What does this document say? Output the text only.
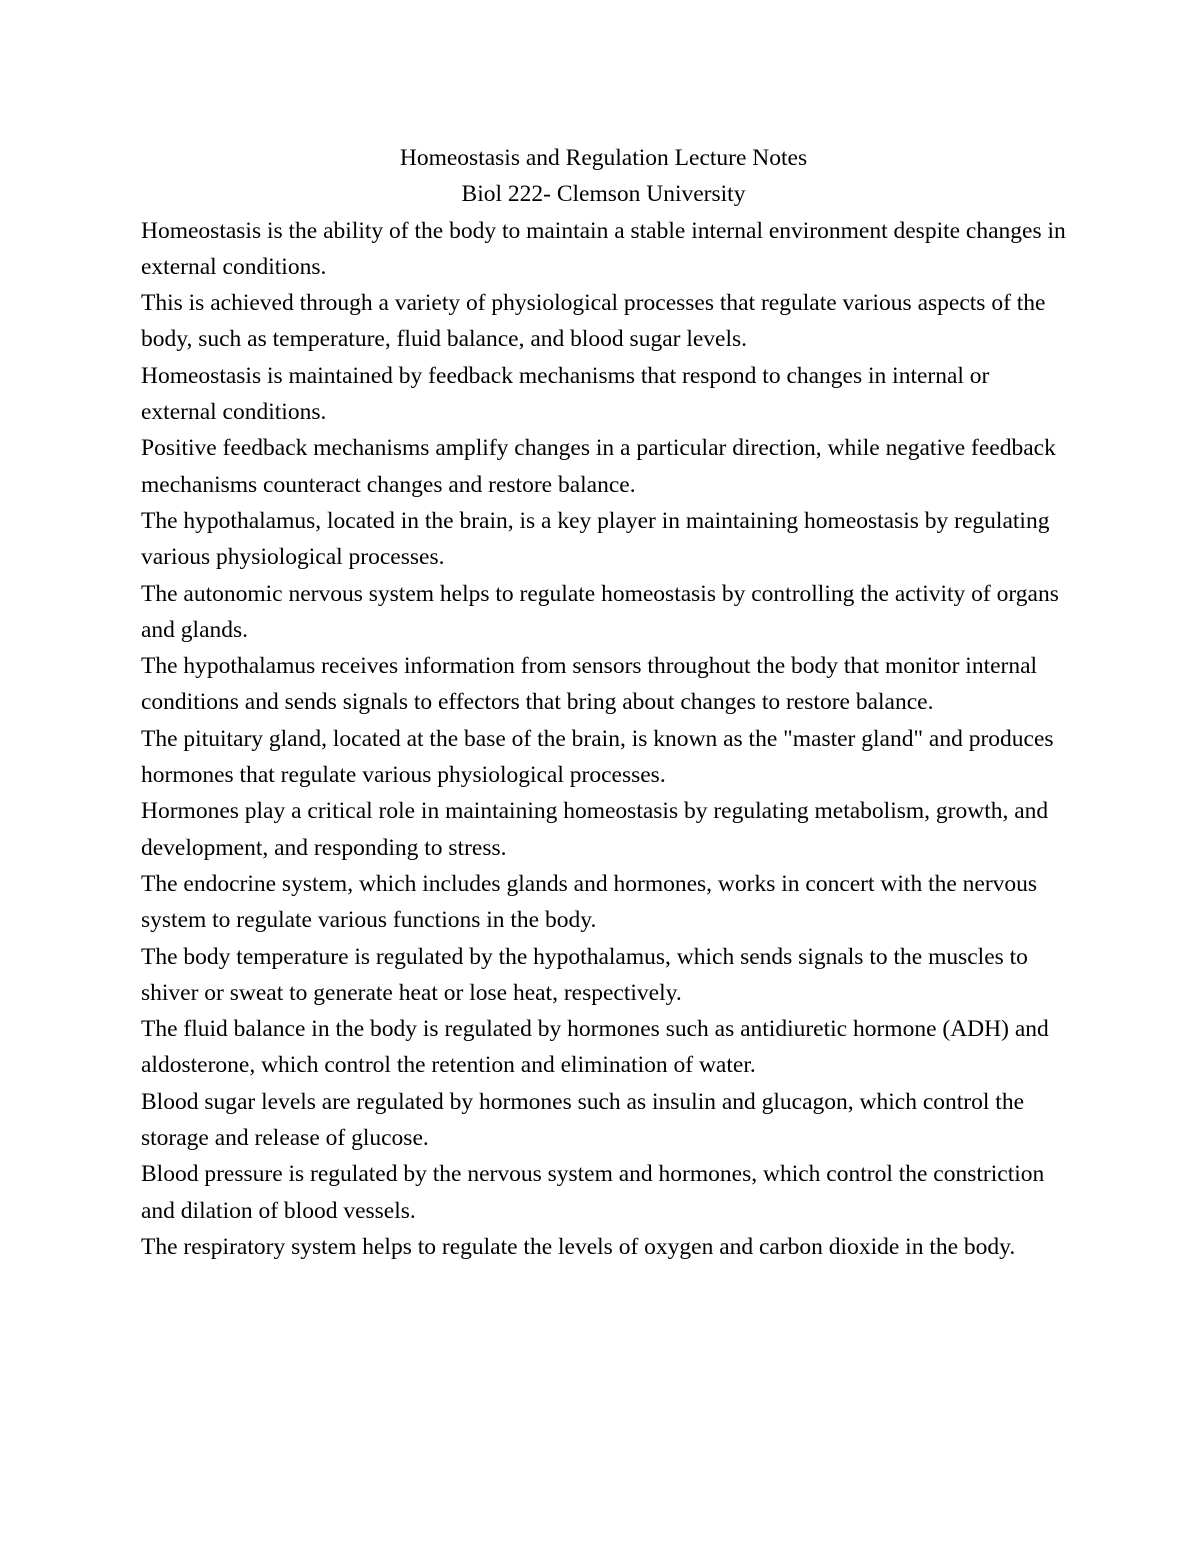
Homeostasis and Regulation Lecture Notes

Biol 222- Clemson University

Homeostasis is the ability of the body to maintain a stable internal environment despite changes in external conditions.

This is achieved through a variety of physiological processes that regulate various aspects of the body, such as temperature, fluid balance, and blood sugar levels.

Homeostasis is maintained by feedback mechanisms that respond to changes in internal or external conditions.

Positive feedback mechanisms amplify changes in a particular direction, while negative feedback mechanisms counteract changes and restore balance.

The hypothalamus, located in the brain, is a key player in maintaining homeostasis by regulating various physiological processes.

The autonomic nervous system helps to regulate homeostasis by controlling the activity of organs and glands.

The hypothalamus receives information from sensors throughout the body that monitor internal conditions and sends signals to effectors that bring about changes to restore balance.

The pituitary gland, located at the base of the brain, is known as the "master gland" and produces hormones that regulate various physiological processes.

Hormones play a critical role in maintaining homeostasis by regulating metabolism, growth, and development, and responding to stress.

The endocrine system, which includes glands and hormones, works in concert with the nervous system to regulate various functions in the body.

The body temperature is regulated by the hypothalamus, which sends signals to the muscles to shiver or sweat to generate heat or lose heat, respectively.

The fluid balance in the body is regulated by hormones such as antidiuretic hormone (ADH) and aldosterone, which control the retention and elimination of water.

Blood sugar levels are regulated by hormones such as insulin and glucagon, which control the storage and release of glucose.

Blood pressure is regulated by the nervous system and hormones, which control the constriction and dilation of blood vessels.

The respiratory system helps to regulate the levels of oxygen and carbon dioxide in the body.
